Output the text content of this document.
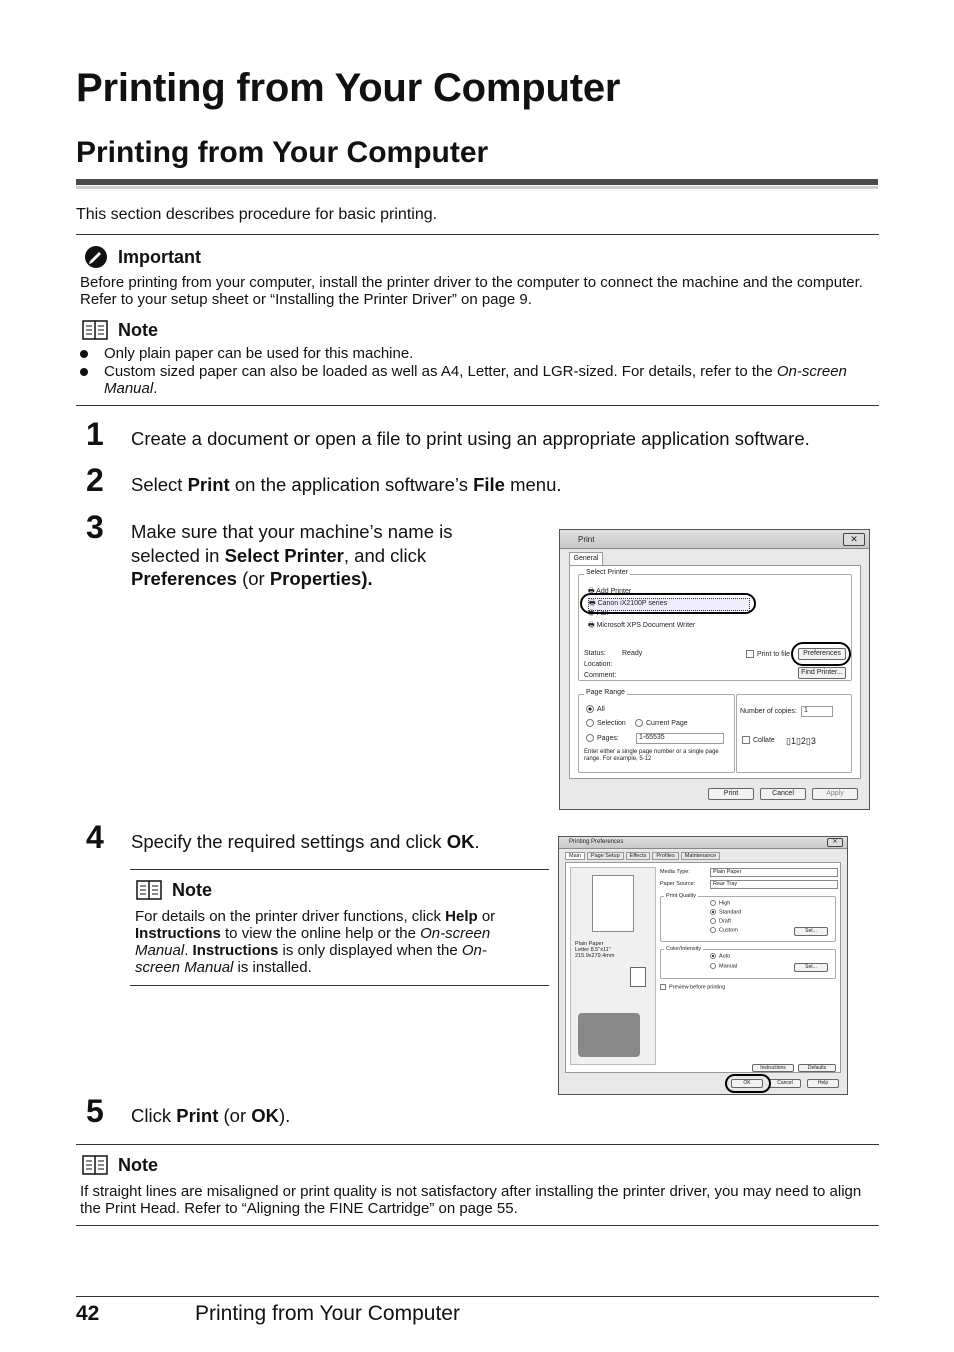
Printing from Your Computer
Printing from Your Computer
This section describes procedure for basic printing.
Important
Before printing from your computer, install the printer driver to the computer to connect the machine and the computer. Refer to your setup sheet or “Installing the Printer Driver” on page 9.
Note
Only plain paper can be used for this machine.
Custom sized paper can also be loaded as well as A4, Letter, and LGR-sized. For details, refer to the On-screen Manual.
1 Create a document or open a file to print using an appropriate application software.
2 Select Print on the application software’s File menu.
3 Make sure that your machine’s name is
selected in Select Printer, and click
Preferences (or Properties).
Print	✕
General
Select Printer
🖶 Add Printer
🖶 Canon iX2100P series
🖶 Fax
🖶 Microsoft XPS Document Writer
Status: Ready
Location:
Comment:
Print to file	Preferences
Find Printer...
Page Range
All
Selection	Current Page
Pages:	1-65535
Enter either a single page number or a single page range. For example, 5-12
Number of copies:	1
Collate ▯1▯2▯3
Print	Cancel	Apply
4 Specify the required settings and click OK.
Note
For details on the printer driver functions, click Help or
Instructions to view the online help or the On-screen
Manual. Instructions is only displayed when the On-
screen Manual is installed.
Printing Preferences	✕
Main	Page Setup	Effects	Profiles	Maintenance
Plain Paper
Letter 8.5"x11" 215.9x279.4mm
Media Type:	Plain Paper
Paper Source:	Rear Tray
Print Quality
High
Standard
Draft
Custom	Set...
Color/Intensity
Auto
Manual	Set...
Preview before printing
Instructions	Defaults
OK	Cancel	Help
5 Click Print (or OK).
Note
If straight lines are misaligned or print quality is not satisfactory after installing the printer driver, you may need to align the Print Head. Refer to “Aligning the FINE Cartridge” on page 55.
42	Printing from Your Computer
